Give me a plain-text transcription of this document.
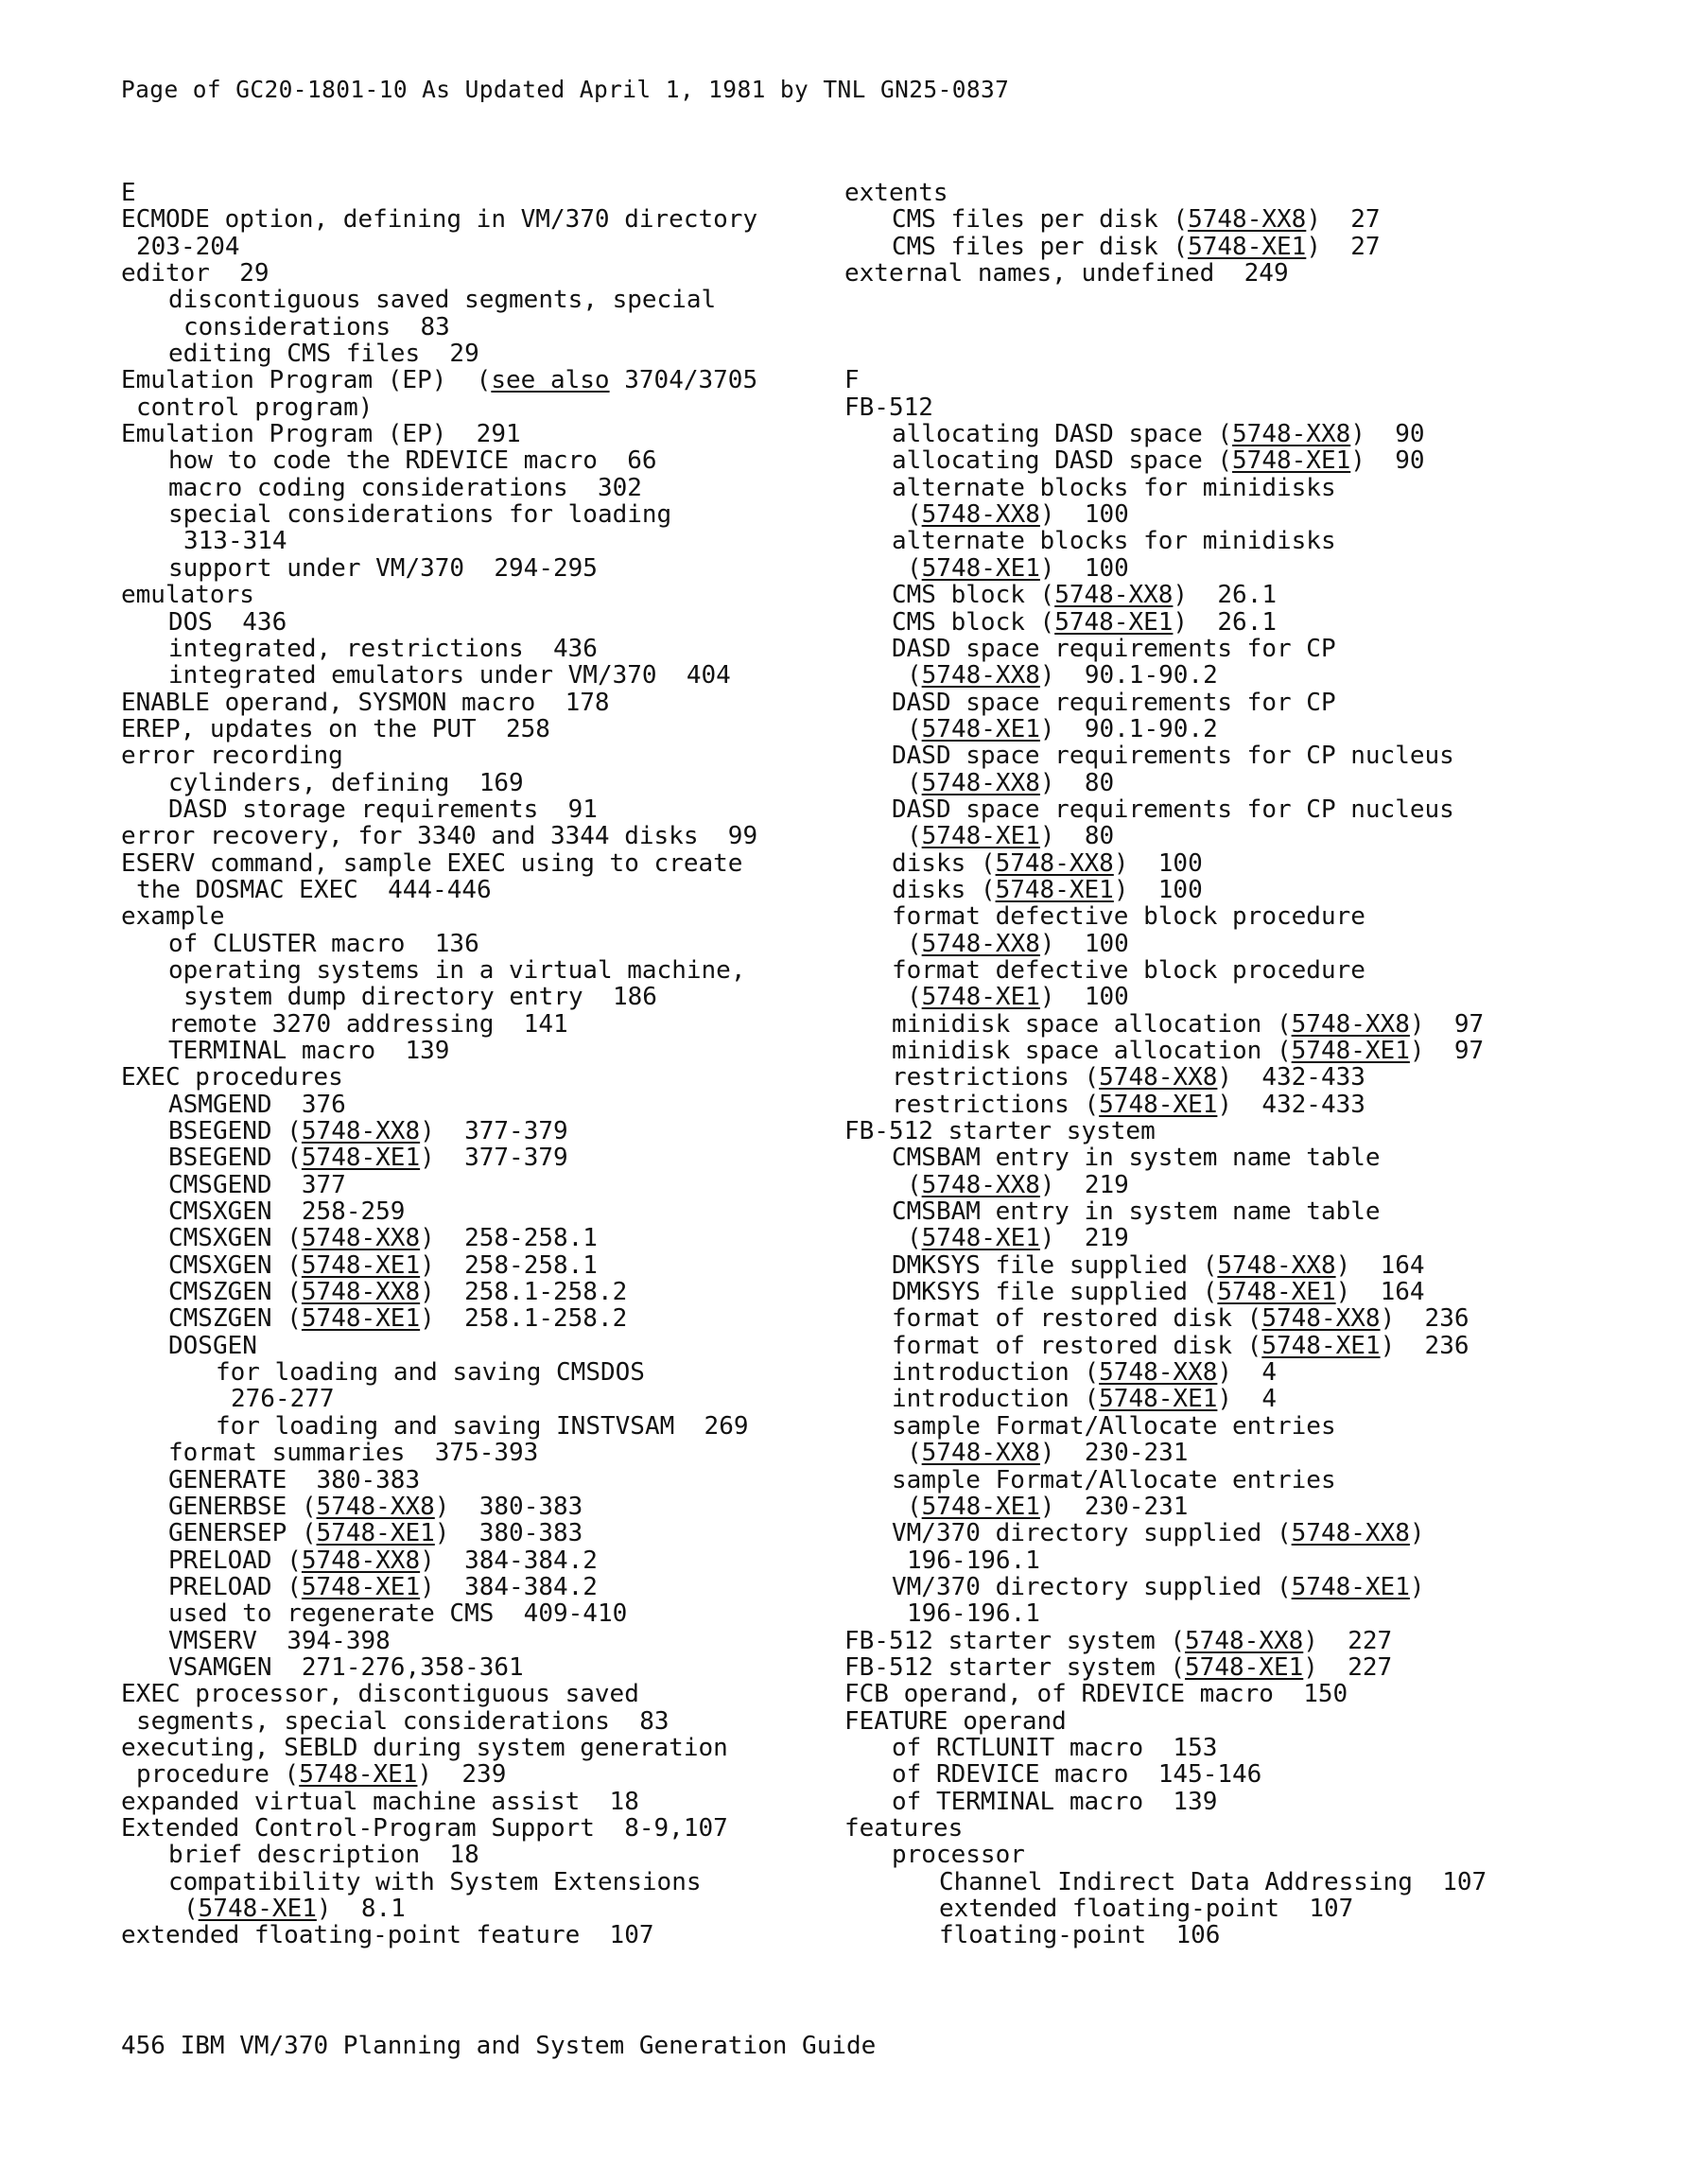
Page of GC20-1801-10 As Updated April 1, 1981 by TNL GN25-0837
E
ECMODE option, defining in VM/370 directory
203-204
editor  29
discontiguous saved segments, special
considerations  83
editing CMS files  29
Emulation Program (EP)  (see also 3704/3705
control program)
Emulation Program (EP)  291
how to code the RDEVICE macro  66
macro coding considerations  302
special considerations for loading
313-314
support under VM/370  294-295
emulators
DOS  436
integrated, restrictions  436
integrated emulators under VM/370  404
ENABLE operand, SYSMON macro  178
EREP, updates on the PUT  258
error recording
cylinders, defining  169
DASD storage requirements  91
error recovery, for 3340 and 3344 disks  99
ESERV command, sample EXEC using to create
the DOSMAC EXEC  444-446
example
of CLUSTER macro  136
operating systems in a virtual machine,
system dump directory entry  186
remote 3270 addressing  141
TERMINAL macro  139
EXEC procedures
ASMGEND  376
BSEGEND (5748-XX8)  377-379
BSEGEND (5748-XE1)  377-379
CMSGEND  377
CMSXGEN  258-259
CMSXGEN (5748-XX8)  258-258.1
CMSXGEN (5748-XE1)  258-258.1
CMSZGEN (5748-XX8)  258.1-258.2
CMSZGEN (5748-XE1)  258.1-258.2
DOSGEN
for loading and saving CMSDOS
276-277
for loading and saving INSTVSAM  269
format summaries  375-393
GENERATE  380-383
GENERBSE (5748-XX8)  380-383
GENERSEP (5748-XE1)  380-383
PRELOAD (5748-XX8)  384-384.2
PRELOAD (5748-XE1)  384-384.2
used to regenerate CMS  409-410
VMSERV  394-398
VSAMGEN  271-276,358-361
EXEC processor, discontiguous saved
segments, special considerations  83
executing, SEBLD during system generation
procedure (5748-XE1)  239
expanded virtual machine assist  18
Extended Control-Program Support  8-9,107
brief description  18
compatibility with System Extensions
(5748-XE1)  8.1
extended floating-point feature  107
extents
CMS files per disk (5748-XX8)  27
CMS files per disk (5748-XE1)  27
external names, undefined  249

F
FB-512
allocating DASD space (5748-XX8)  90
allocating DASD space (5748-XE1)  90
alternate blocks for minidisks
(5748-XX8)  100
alternate blocks for minidisks
(5748-XE1)  100
CMS block (5748-XX8)  26.1
CMS block (5748-XE1)  26.1
DASD space requirements for CP
(5748-XX8)  90.1-90.2
DASD space requirements for CP
(5748-XE1)  90.1-90.2
DASD space requirements for CP nucleus
(5748-XX8)  80
DASD space requirements for CP nucleus
(5748-XE1)  80
disks (5748-XX8)  100
disks (5748-XE1)  100
format defective block procedure
(5748-XX8)  100
format defective block procedure
(5748-XE1)  100
minidisk space allocation (5748-XX8)  97
minidisk space allocation (5748-XE1)  97
restrictions (5748-XX8)  432-433
restrictions (5748-XE1)  432-433
FB-512 starter system
CMSBAM entry in system name table
(5748-XX8)  219
CMSBAM entry in system name table
(5748-XE1)  219
DMKSYS file supplied (5748-XX8)  164
DMKSYS file supplied (5748-XE1)  164
format of restored disk (5748-XX8)  236
format of restored disk (5748-XE1)  236
introduction (5748-XX8)  4
introduction (5748-XE1)  4
sample Format/Allocate entries
(5748-XX8)  230-231
sample Format/Allocate entries
(5748-XE1)  230-231
VM/370 directory supplied (5748-XX8)
196-196.1
VM/370 directory supplied (5748-XE1)
196-196.1
FB-512 starter system (5748-XX8)  227
FB-512 starter system (5748-XE1)  227
FCB operand, of RDEVICE macro  150
FEATURE operand
of RCTLUNIT macro  153
of RDEVICE macro  145-146
of TERMINAL macro  139
features
processor
Channel Indirect Data Addressing  107
extended floating-point  107
floating-point  106
456 IBM VM/370 Planning and System Generation Guide
